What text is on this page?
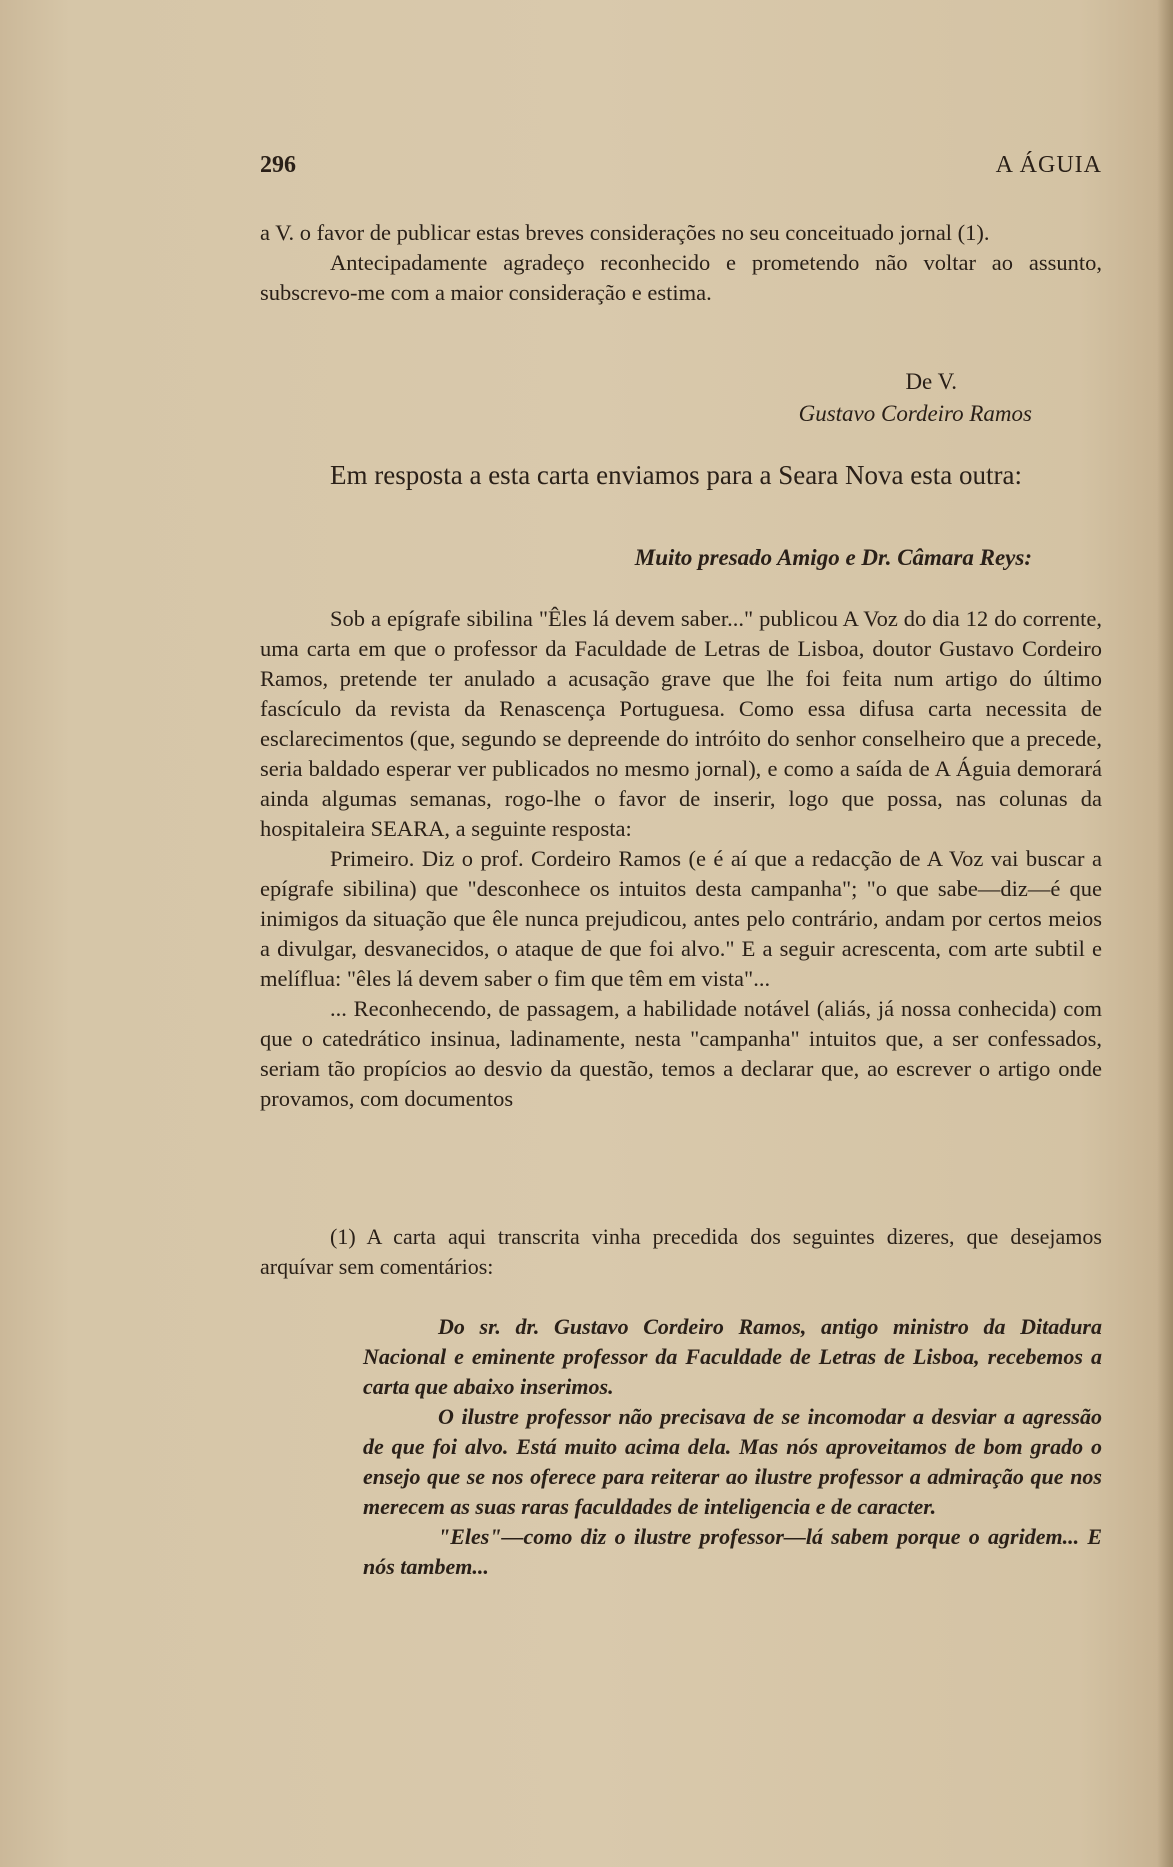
296	A ÁGUIA

a V. o favor de publicar estas breves considerações no seu conceituado jornal (1).

Antecipadamente agradeço reconhecido e prometendo não voltar ao assunto, subscrevo-me com a maior consideração e estima.

De V.

Gustavo Cordeiro Ramos

Em resposta a esta carta enviamos para a Seara Nova esta outra:

Muito presado Amigo e Dr. Câmara Reys:

Sob a epígrafe sibilina "Êles lá devem saber..." publicou A Voz do dia 12 do corrente, uma carta em que o professor da Faculdade de Letras de Lisboa, doutor Gustavo Cordeiro Ramos, pretende ter anulado a acusação grave que lhe foi feita num artigo do último fascículo da revista da Renascença Portuguesa. Como essa difusa carta necessita de esclarecimentos (que, segundo se depreende do intróito do senhor conselheiro que a precede, seria baldado esperar ver publicados no mesmo jornal), e como a saída de A Águia demorará ainda algumas semanas, rogo-lhe o favor de inserir, logo que possa, nas colunas da hospitaleira SEARA, a seguinte resposta:

Primeiro. Diz o prof. Cordeiro Ramos (e é aí que a redacção de A Voz vai buscar a epígrafe sibilina) que "desconhece os intuitos desta campanha"; "o que sabe—diz—é que inimigos da situação que êle nunca prejudicou, antes pelo contrário, andam por certos meios a divulgar, desvanecidos, o ataque de que foi alvo." E a seguir acrescenta, com arte subtil e melíflua: "êles lá devem saber o fim que têm em vista"...

... Reconhecendo, de passagem, a habilidade notável (aliás, já nossa conhecida) com que o catedrático insinua, ladinamente, nesta "campanha" intuitos que, a ser confessados, seriam tão propícios ao desvio da questão, temos a declarar que, ao escrever o artigo onde provamos, com documentos

(1) A carta aqui transcrita vinha precedida dos seguintes dizeres, que desejamos arquívar sem comentários:

Do sr. dr. Gustavo Cordeiro Ramos, antigo ministro da Ditadura Nacional e eminente professor da Faculdade de Letras de Lisboa, recebemos a carta que abaixo inserimos.

O ilustre professor não precisava de se incomodar a desviar a agressão de que foi alvo. Está muito acima dela. Mas nós aproveitamos de bom grado o ensejo que se nos oferece para reiterar ao ilustre professor a admiração que nos merecem as suas raras faculdades de inteligencia e de caracter.

"Eles"—como diz o ilustre professor—lá sabem porque o agridem... E nós tambem...
